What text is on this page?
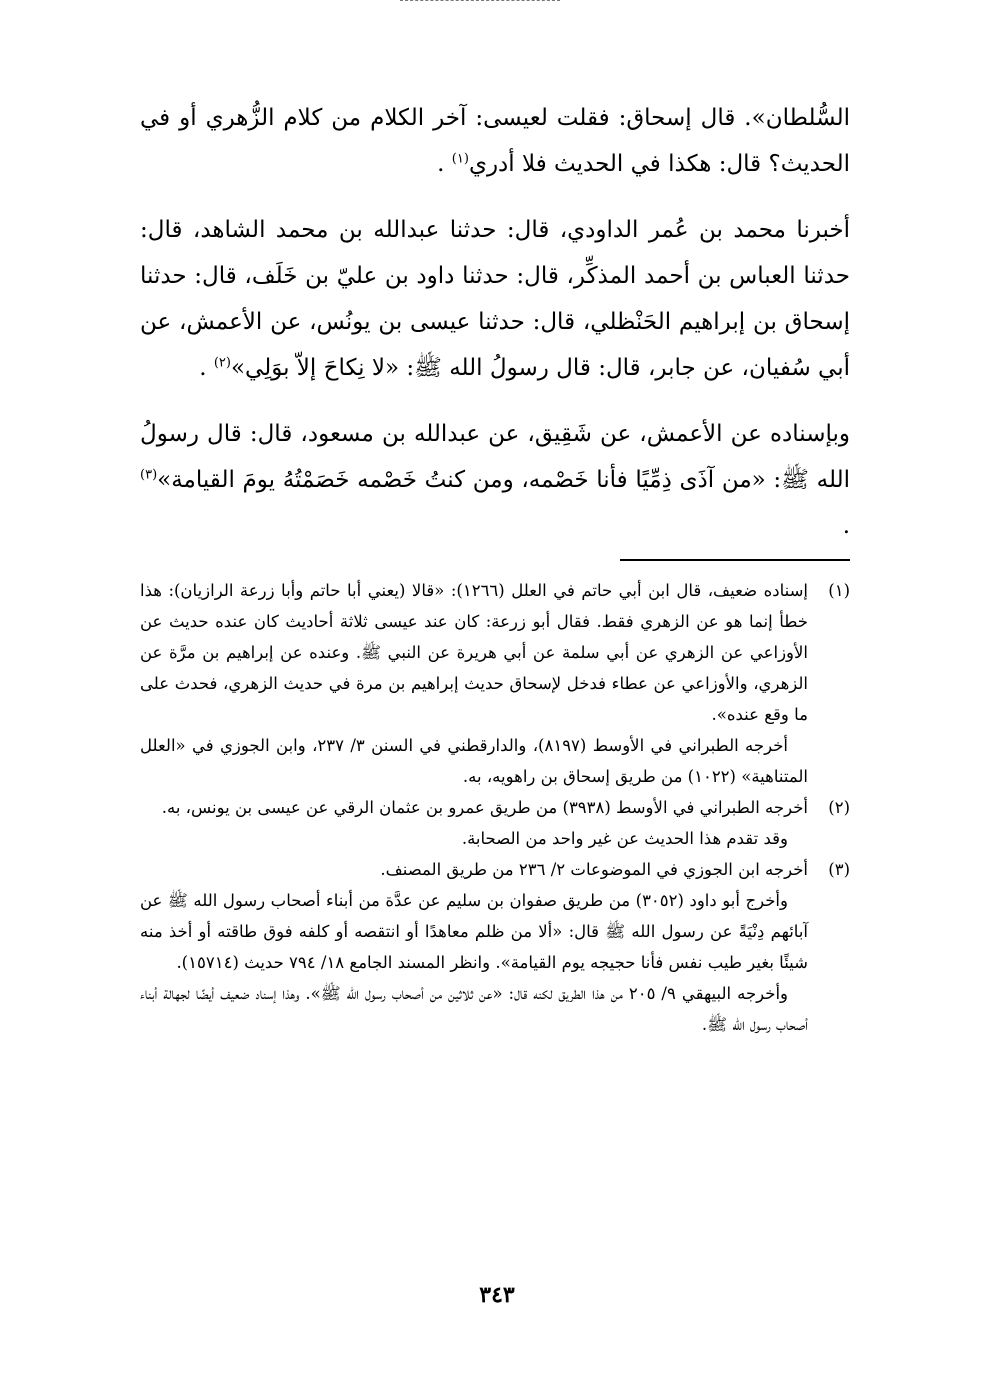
السُّلطان». قال إسحاق: فقلت لعيسى: آخر الكلام من كلام الزُّهري أو في الحديث؟ قال: هكذا في الحديث فلا أدري$^{(١)}$ .

أخبرنا محمد بن عُمر الداودي، قال: حدثنا عبدالله بن محمد الشاهد، قال: حدثنا العباس بن أحمد المذكِّر، قال: حدثنا داود بن عليّ بن خَلَف، قال: حدثنا إسحاق بن إبراهيم الحَنْظلي، قال: حدثنا عيسى بن يونُس، عن الأعمش، عن أبي سُفيان، عن جابر، قال: قال رسولُ الله ﷺ: «لا نِكاحَ إلاّ بوَلِي»$^{(٢)}$ .

وبإسناده عن الأعمش، عن شَقِيق، عن عبدالله بن مسعود، قال: قال رسولُ الله ﷺ: «من آذَى ذِمِّيًا فأنا خَصْمه، ومن كنتُ خَصْمه خَصَمْتُهُ يومَ القيامة»$^{(٣)}$ .

(١)

إسناده ضعيف، قال ابن أبي حاتم في العلل (١٢٦٦): «قالا (يعني أبا حاتم وأبا زرعة الرازيان): هذا خطأ إنما هو عن الزهري فقط. فقال أبو زرعة: كان عند عيسى ثلاثة أحاديث كان عنده حديث عن الأوزاعي عن الزهري عن أبي سلمة عن أبي هريرة عن النبي ﷺ. وعنده عن إبراهيم بن مرَّة عن الزهري، والأوزاعي عن عطاء فدخل لإسحاق حديث إبراهيم بن مرة في حديث الزهري، فحدث على ما وقع عنده».

أخرجه الطبراني في الأوسط (٨١٩٧)، والدارقطني في السنن ٣/ ٢٣٧، وابن الجوزي في «العلل المتناهية» (١٠٢٢) من طريق إسحاق بن راهويه، به.

(٢)

أخرجه الطبراني في الأوسط (٣٩٣٨) من طريق عمرو بن عثمان الرقي عن عيسى بن يونس، به.

وقد تقدم هذا الحديث عن غير واحد من الصحابة.

(٣)

أخرجه ابن الجوزي في الموضوعات ٢/ ٢٣٦ من طريق المصنف.

وأخرج أبو داود (٣٠٥٢) من طريق صفوان بن سليم عن عدَّة من أبناء أصحاب رسول الله ﷺ عن آبائهم دِنْيَةً عن رسول الله ﷺ قال: «ألا من ظلم معاهدًا أو انتقصه أو كلفه فوق طاقته أو أخذ منه شيئًا بغير طيب نفس فأنا حجيجه يوم القيامة». وانظر المسند الجامع ١٨/ ٧٩٤ حديث (١٥٧١٤).

وأخرجه البيهقي ٩/ ٢٠٥ من هذا الطريق لكنه قال: «عن ثلاثين من أصحاب رسول الله ﷺ». وهذا إسناد ضعيف أيضًا لجهالة أبناء أصحاب رسول الله ﷺ.

٣٤٣
